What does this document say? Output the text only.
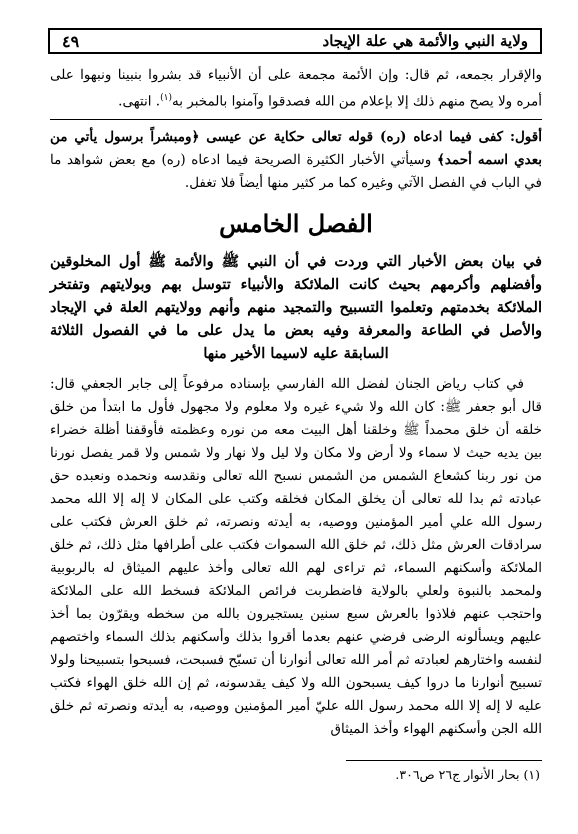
ولاية النبي والأئمة هي علة الإيجاد
٤٩

والإقرار بجمعه، ثم قال: وإن الأئمة مجمعة على أن الأنبياء قد بشروا بنبينا ونبهوا على أمره ولا يصح منهم ذلك إلا بإعلام من الله فصدقوا وآمنوا بالمخبر به$^{(١)}$. انتهى.

أقول: كفى فيما ادعاه (ره) قوله تعالى حكاية عن عيسى ﴿ومبشراً برسول يأتي من بعدي اسمه أحمد﴾ وسيأتي الأخبار الكثيرة الصريحة فيما ادعاه (ره) مع بعض شواهد ما في الباب في الفصل الآتي وغيره كما مر كثير منها أيضاً فلا تغفل.

الفصل الخامس
في بيان بعض الأخبار التي وردت في أن النبي ﷺ والأئمة ﷺ أول المخلوقين وأفضلهم وأكرمهم بحيث كانت الملائكة والأنبياء تتوسل بهم وبولايتهم وتفتخر الملائكة بخدمتهم وتعلموا التسبيح والتمجيد منهم وأنهم وولايتهم العلة في الإيجاد والأصل في الطاعة والمعرفة وفيه بعض ما يدل على ما في الفصول الثلاثة السابقة عليه لاسيما الأخير منها

في كتاب رياض الجنان لفضل الله الفارسي بإسناده مرفوعاً إلى جابر الجعفي قال: قال أبو جعفر ﷺ: كان الله ولا شيء غيره ولا معلوم ولا مجهول فأول ما ابتدأ من خلق خلقه أن خلق محمداً ﷺ وخلقنا أهل البيت معه من نوره وعظمته فأوقفنا أظلة خضراء بين يديه حيث لا سماء ولا أرض ولا مكان ولا ليل ولا نهار ولا شمس ولا قمر يفصل نورنا من نور ربنا كشعاع الشمس من الشمس نسبح الله تعالى ونقدسه ونحمده ونعبده حق عبادته ثم بدا لله تعالى أن يخلق المكان فخلقه وكتب على المكان لا إله إلا الله محمد رسول الله علي أمير المؤمنين ووصيه، به أيدته ونصرته، ثم خلق العرش فكتب على سرادقات العرش مثل ذلك، ثم خلق الله السموات فكتب على أطرافها مثل ذلك، ثم خلق الملائكة وأسكنهم السماء، ثم تراءى لهم الله تعالى وأخذ عليهم الميثاق له بالربوبية ولمحمد بالنبوة ولعلي بالولاية فاضطربت فرائص الملائكة فسخط الله على الملائكة واحتجب عنهم فلاذوا بالعرش سبع سنين يستجيرون بالله من سخطه ويقرّون بما أخذ عليهم ويسألونه الرضى فرضي عنهم بعدما أقروا بذلك وأسكنهم بذلك السماء واختصهم لنفسه واختارهم لعبادته ثم أمر الله تعالى أنوارنا أن تسبّح فسبحت، فسبحوا بتسبيحنا ولولا تسبيح أنوارنا ما دروا كيف يسبحون الله ولا كيف يقدسونه، ثم إن الله خلق الهواء فكتب عليه لا إله إلا الله محمد رسول الله عليّ أمير المؤمنين ووصيه، به أيدته ونصرته ثم خلق الله الجن وأسكنهم الهواء وأخذ الميثاق

(١) بحار الأنوار ج٢٦ ص٣٠٦.
